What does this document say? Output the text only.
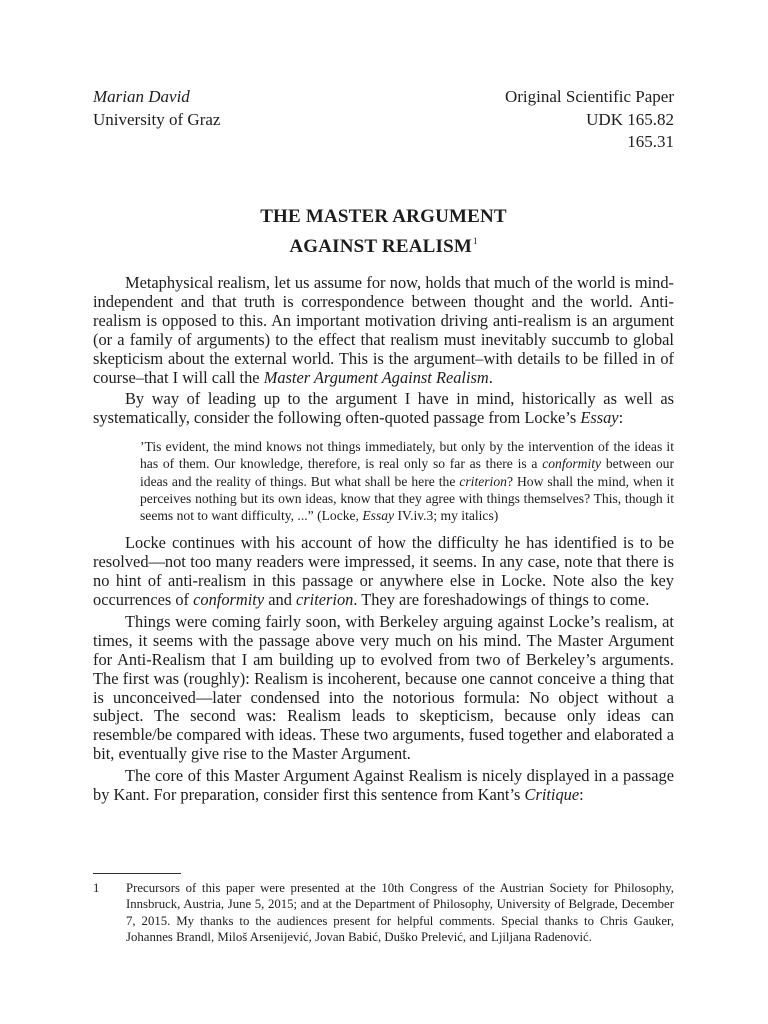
Marian David
University of Graz
Original Scientific Paper
UDK 165.82
165.31
THE MASTER ARGUMENT
AGAINST REALISM$^1$

Metaphysical realism, let us assume for now, holds that much of the world is mind-independent and that truth is correspondence between thought and the world. Anti-realism is opposed to this. An important motivation driving anti-realism is an argument (or a family of arguments) to the effect that realism must inevitably succumb to global skepticism about the external world. This is the argument–with details to be filled in of course–that I will call the Master Argument Against Realism.

By way of leading up to the argument I have in mind, historically as well as systematically, consider the following often-quoted passage from Locke’s Essay:

’Tis evident, the mind knows not things immediately, but only by the intervention of the ideas it has of them. Our knowledge, therefore, is real only so far as there is a conformity between our ideas and the reality of things. But what shall be here the criterion? How shall the mind, when it perceives nothing but its own ideas, know that they agree with things themselves? This, though it seems not to want difficulty, ...” (Locke, Essay IV.iv.3; my italics)

Locke continues with his account of how the difficulty he has identified is to be resolved—not too many readers were impressed, it seems. In any case, note that there is no hint of anti-realism in this passage or anywhere else in Locke. Note also the key occurrences of conformity and criterion. They are foreshadowings of things to come.

Things were coming fairly soon, with Berkeley arguing against Locke’s realism, at times, it seems with the passage above very much on his mind. The Master Argument for Anti-Realism that I am building up to evolved from two of Berkeley’s arguments. The first was (roughly): Realism is incoherent, because one cannot conceive a thing that is unconceived—later condensed into the notorious formula: No object without a subject. The second was: Realism leads to skepticism, because only ideas can resemble/be compared with ideas. These two arguments, fused together and elaborated a bit, eventually give rise to the Master Argument.

The core of this Master Argument Against Realism is nicely displayed in a passage by Kant. For preparation, consider first this sentence from Kant’s Critique:

1 Precursors of this paper were presented at the 10th Congress of the Austrian Society for Philosophy, Innsbruck, Austria, June 5, 2015; and at the Department of Philosophy, University of Belgrade, December 7, 2015. My thanks to the audiences present for helpful comments. Special thanks to Chris Gauker, Johannes Brandl, Miloš Arsenijević, Jovan Babić, Duško Prelević, and Ljiljana Radenović.
